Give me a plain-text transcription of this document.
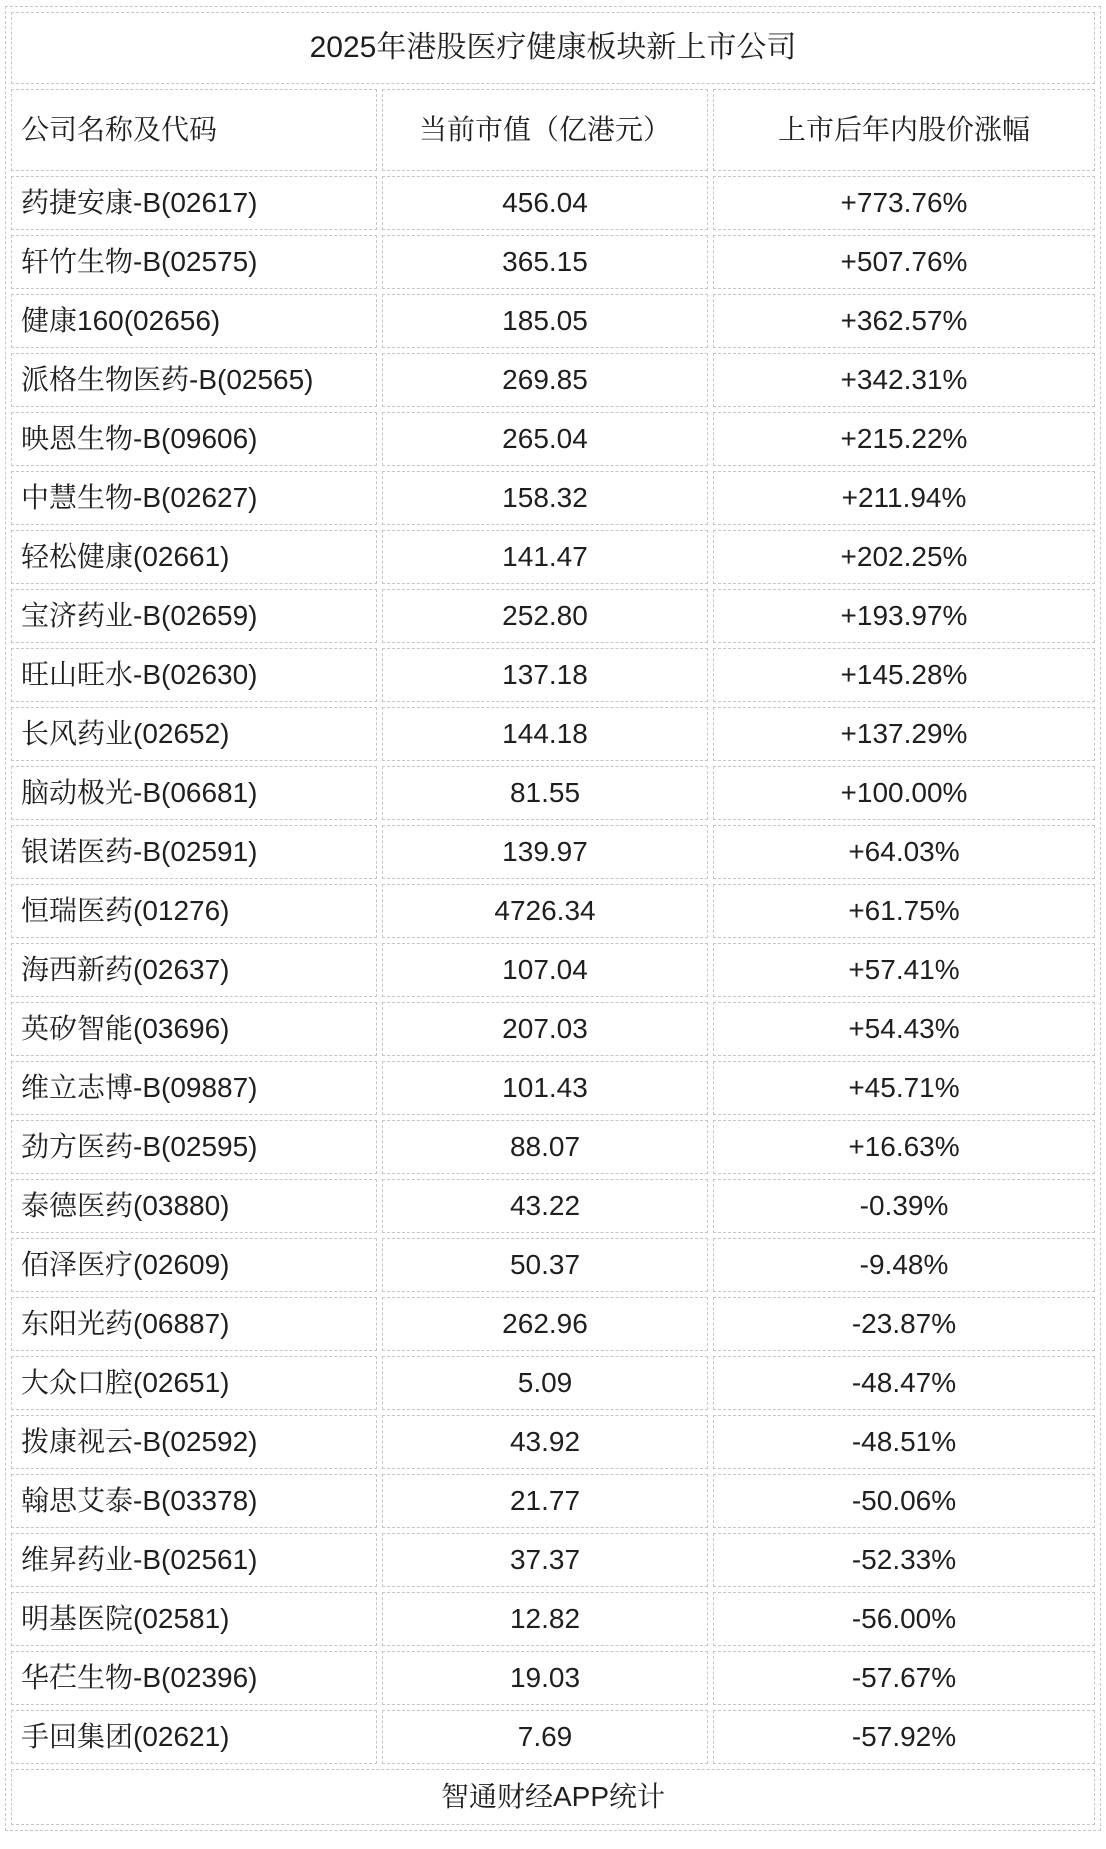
2025年港股医疗健康板块新上市公司		
公司名称及代码	当前市值（亿港元）	上市后年内股价涨幅
药捷安康-B(02617)	456.04	+773.76%
轩竹生物-B(02575)	365.15	+507.76%
健康160(02656)	185.05	+362.57%
派格生物医药-B(02565)	269.85	+342.31%
映恩生物-B(09606)	265.04	+215.22%
中慧生物-B(02627)	158.32	+211.94%
轻松健康(02661)	141.47	+202.25%
宝济药业-B(02659)	252.80	+193.97%
旺山旺水-B(02630)	137.18	+145.28%
长风药业(02652)	144.18	+137.29%
脑动极光-B(06681)	81.55	+100.00%
银诺医药-B(02591)	139.97	+64.03%
恒瑞医药(01276)	4726.34	+61.75%
海西新药(02637)	107.04	+57.41%
英矽智能(03696)	207.03	+54.43%
维立志博-B(09887)	101.43	+45.71%
劲方医药-B(02595)	88.07	+16.63%
泰德医药(03880)	43.22	-0.39%
佰泽医疗(02609)	50.37	-9.48%
东阳光药(06887)	262.96	-23.87%
大众口腔(02651)	5.09	-48.47%
拨康视云-B(02592)	43.92	-48.51%
翰思艾泰-B(03378)	21.77	-50.06%
维昇药业-B(02561)	37.37	-52.33%
明基医院(02581)	12.82	-56.00%
华芢生物-B(02396)	19.03	-57.67%
手回集团(02621)	7.69	-57.92%
智通财经APP统计		
